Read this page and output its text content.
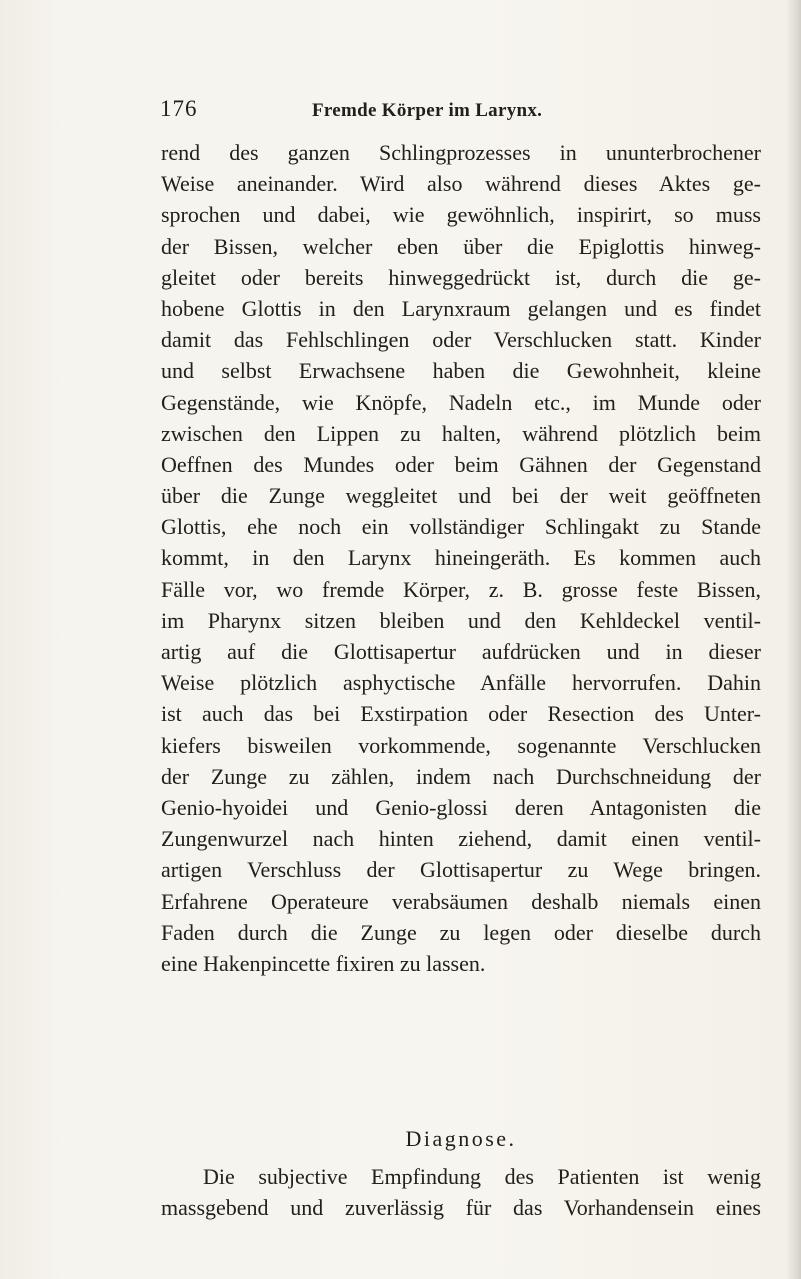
176	Fremde Körper im Larynx.
rend des ganzen Schlingprozesses in ununterbrochener
Weise aneinander. Wird also während dieses Aktes ge-
sprochen und dabei, wie gewöhnlich, inspirirt, so muss
der Bissen, welcher eben über die Epiglottis hinweg-
gleitet oder bereits hinweggedrückt ist, durch die ge-
hobene Glottis in den Larynxraum gelangen und es findet
damit das Fehlschlingen oder Verschlucken statt. Kinder
und selbst Erwachsene haben die Gewohnheit, kleine
Gegenstände, wie Knöpfe, Nadeln etc., im Munde oder
zwischen den Lippen zu halten, während plötzlich beim
Oeffnen des Mundes oder beim Gähnen der Gegenstand
über die Zunge weggleitet und bei der weit geöffneten
Glottis, ehe noch ein vollständiger Schlingakt zu Stande
kommt, in den Larynx hineingeräth. Es kommen auch
Fälle vor, wo fremde Körper, z. B. grosse feste Bissen,
im Pharynx sitzen bleiben und den Kehldeckel ventil-
artig auf die Glottisapertur aufdrücken und in dieser
Weise plötzlich asphyctische Anfälle hervorrufen. Dahin
ist auch das bei Exstirpation oder Resection des Unter-
kiefers bisweilen vorkommende, sogenannte Verschlucken
der Zunge zu zählen, indem nach Durchschneidung der
Genio-hyoidei und Genio-glossi deren Antagonisten die
Zungenwurzel nach hinten ziehend, damit einen ventil-
artigen Verschluss der Glottisapertur zu Wege bringen.
Erfahrene Operateure verabsäumen deshalb niemals einen
Faden durch die Zunge zu legen oder dieselbe durch
eine Hakenpincette fixiren zu lassen.
Diagnose.
Die subjective Empfindung des Patienten ist wenig
massgebend und zuverlässig für das Vorhandensein eines
